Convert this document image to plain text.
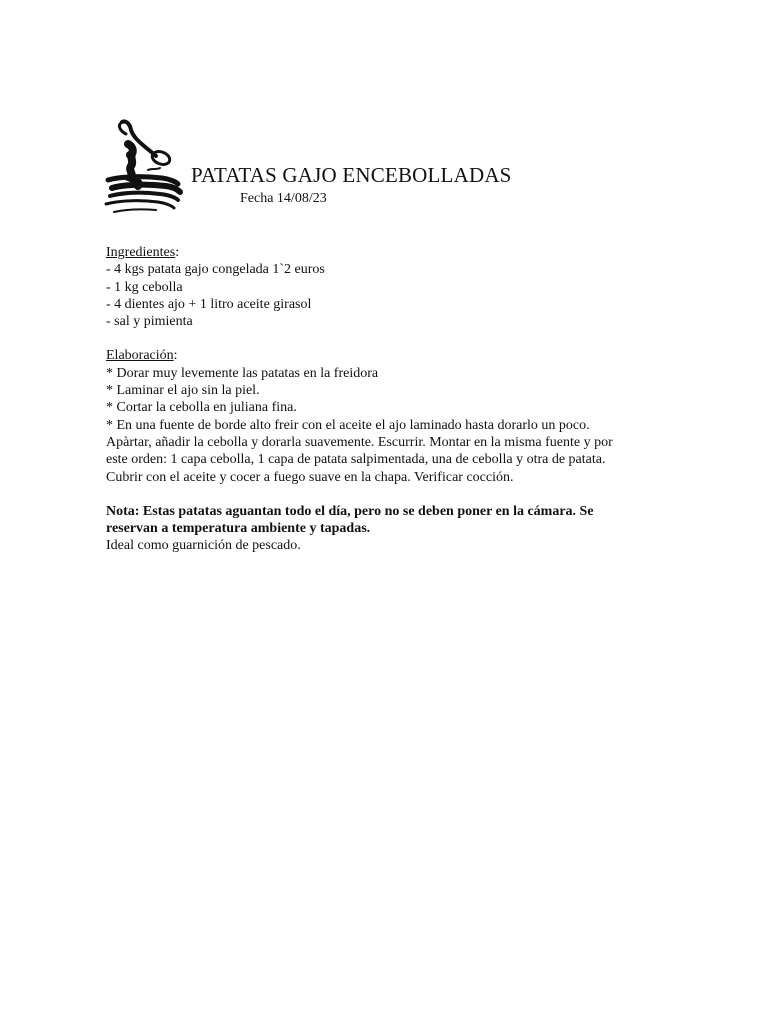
PATATAS GAJO ENCEBOLLADAS
Fecha 14/08/23

Ingredientes:

- 4 kgs patata gajo congelada 1`2 euros

- 1 kg cebolla

- 4 dientes ajo + 1 litro aceite girasol

- sal y pimienta

Elaboración:

* Dorar muy levemente las patatas en la freidora

* Laminar el ajo sin la piel.

* Cortar la cebolla en juliana fina.

* En una fuente de borde alto freir con el aceite el ajo laminado hasta dorarlo un poco.

Apàrtar, añadir la cebolla y dorarla suavemente. Escurrir. Montar en la misma fuente y por

este orden: 1 capa cebolla, 1 capa de patata salpimentada, una de cebolla y otra de patata.

Cubrir con el aceite y cocer a fuego suave en la chapa. Verificar cocción.

Nota: Estas patatas aguantan todo el día, pero no se deben poner en la cámara. Se

reservan a temperatura ambiente y tapadas.

Ideal como guarnición de pescado.
